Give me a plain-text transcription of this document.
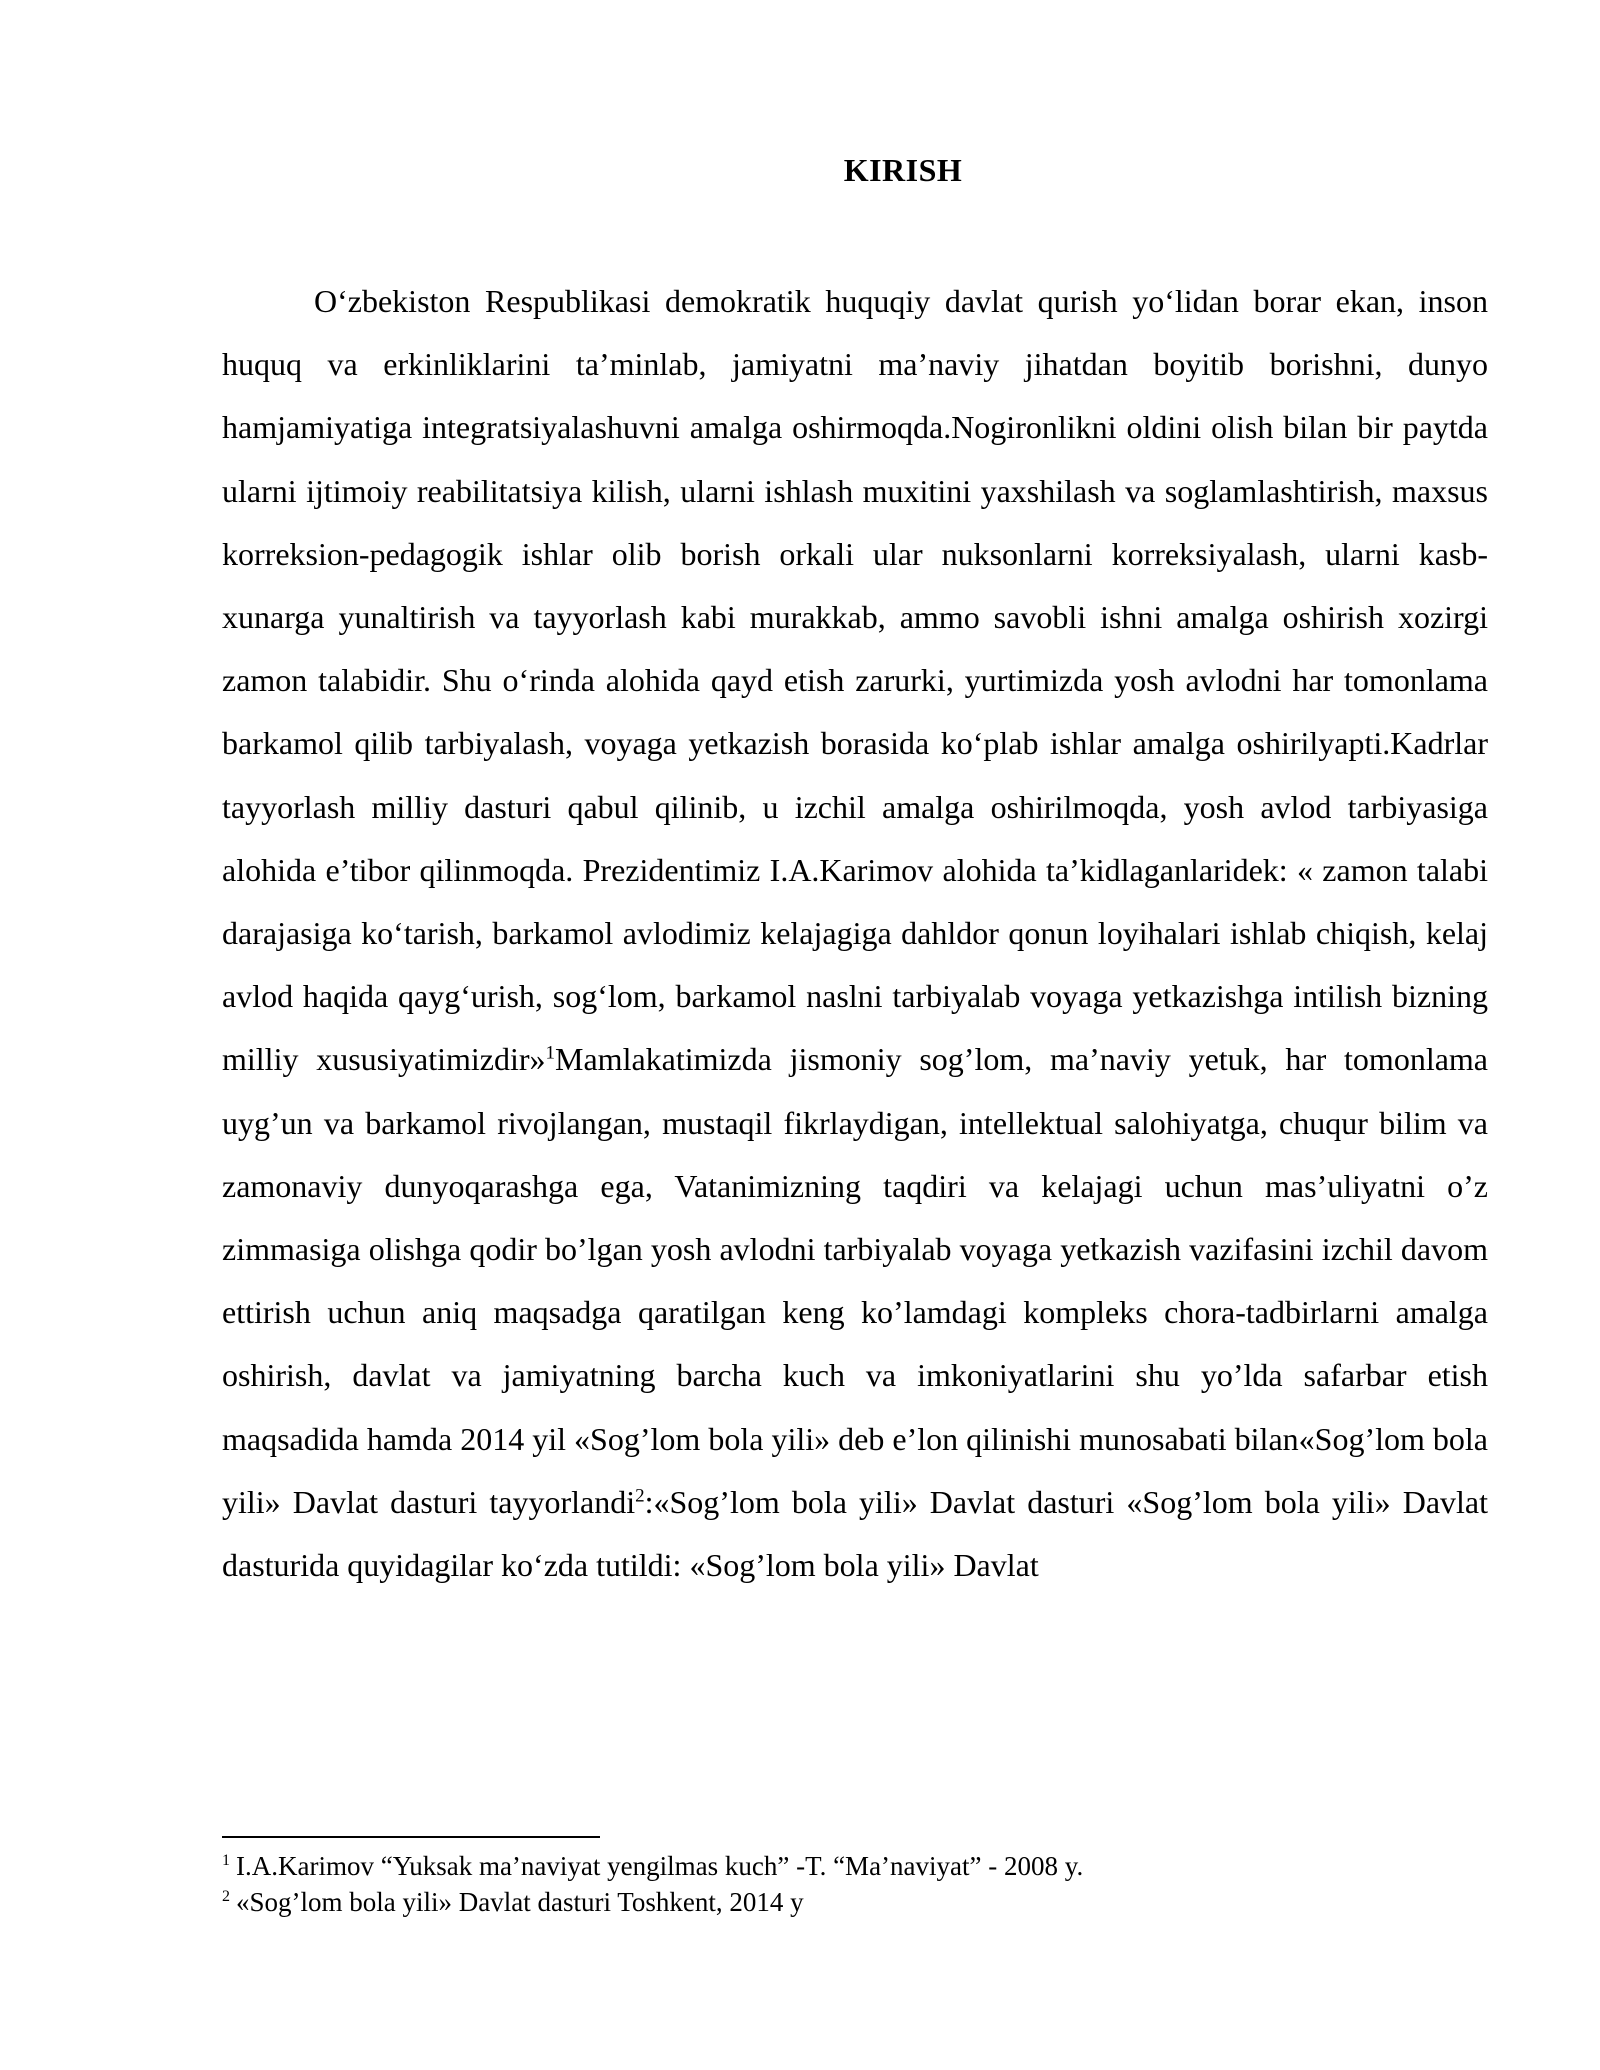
KIRISH

O‘zbekiston Respublikasi demokratik huquqiy davlat qurish yo‘lidan borar ekan, inson huquq va erkinliklarini ta’minlab, jamiyatni ma’naviy jihatdan boyitib borishni, dunyo hamjamiyatiga integratsiyalashuvni amalga oshirmoqda.Nogironlikni oldini olish bilan bir paytda ularni ijtimoiy reabilitatsiya kilish, ularni ishlash muxitini yaxshilash va soglamlashtirish, maxsus korreksion-pedagogik ishlar olib borish orkali ular nuksonlarni korreksiyalash, ularni kasb-xunarga yunaltirish va tayyorlash kabi murakkab, ammo savobli ishni amalga oshirish xozirgi zamon talabidir. Shu o‘rinda alohida qayd etish zarurki, yurtimizda yosh avlodni har tomonlama barkamol qilib tarbiyalash, voyaga yetkazish borasida ko‘plab ishlar amalga oshirilyapti.Kadrlar tayyorlash milliy dasturi qabul qilinib, u izchil amalga oshirilmoqda, yosh avlod tarbiyasiga alohida e’tibor qilinmoqda. Prezidentimiz I.A.Karimov alohida ta’kidlaganlaridek: « zamon talabi darajasiga ko‘tarish, barkamol avlodimiz kelajagiga dahldor qonun loyihalari ishlab chiqish, kelaj avlod haqida qayg‘urish, sog‘lom, barkamol naslni tarbiyalab voyaga yetkazishga intilish bizning milliy xususiyatimizdir»$^1$Mamlakatimizda jismoniy sog’lom, ma’naviy yetuk, har tomonlama uyg’un va barkamol rivojlangan, mustaqil fikrlaydigan, intellektual salohiyatga, chuqur bilim va zamonaviy dunyoqarashga ega, Vatanimizning taqdiri va kelajagi uchun mas’uliyatni o’z zimmasiga olishga qodir bo’lgan yosh avlodni tarbiyalab voyaga yetkazish vazifasini izchil davom ettirish uchun aniq maqsadga qaratilgan keng ko’lamdagi kompleks chora-tadbirlarni amalga oshirish, davlat va jamiyatning barcha kuch va imkoniyatlarini shu yo’lda safarbar etish maqsadida hamda 2014 yil «Sog’lom bola yili» deb e’lon qilinishi munosabati bilan«Sog’lom bola yili» Davlat dasturi tayyorlandi$^2$:«Sog’lom bola yili» Davlat dasturi «Sog’lom bola yili» Davlat dasturida quyidagilar ko‘zda tutildi: «Sog’lom bola yili» Davlat

$^1$ I.A.Karimov “Yuksak ma’naviyat yengilmas kuch” -T. “Ma’naviyat” - 2008 y.
$^2$ «Sog’lom bola yili» Davlat dasturi Toshkent, 2014 y
